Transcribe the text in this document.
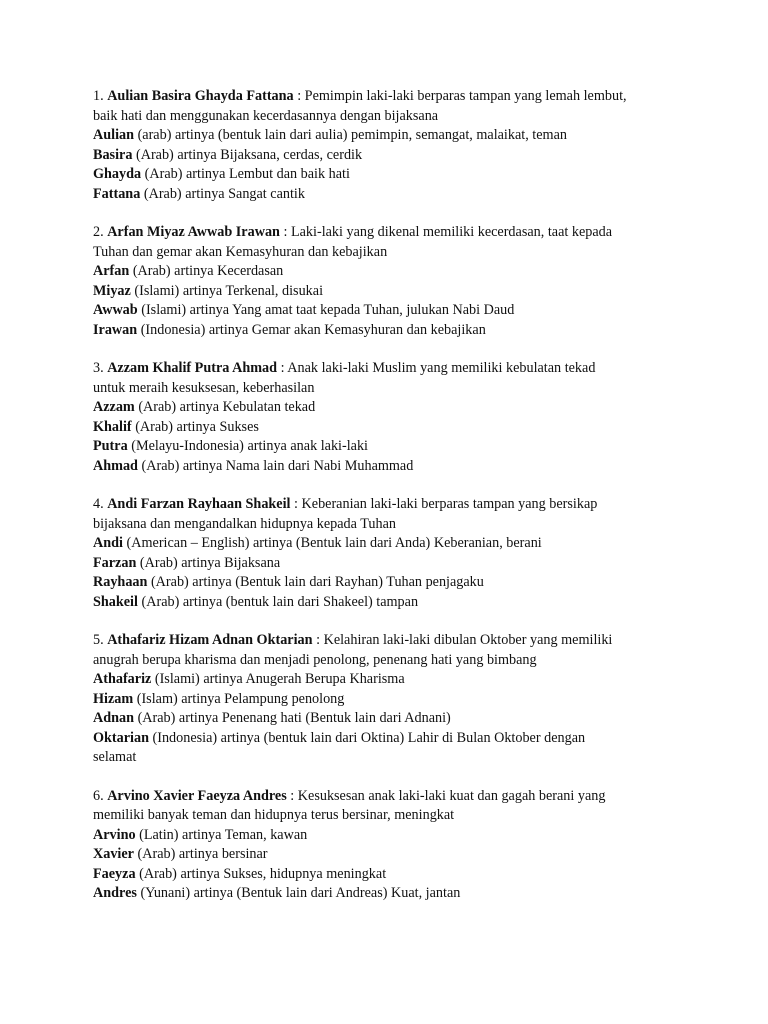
1. Aulian Basira Ghayda Fattana : Pemimpin laki-laki berparas tampan yang lemah lembut,

baik hati dan menggunakan kecerdasannya dengan bijaksana

Aulian (arab) artinya (bentuk lain dari aulia) pemimpin, semangat, malaikat, teman

Basira (Arab) artinya Bijaksana, cerdas, cerdik

Ghayda (Arab) artinya Lembut dan baik hati

Fattana (Arab) artinya Sangat cantik

2. Arfan Miyaz Awwab Irawan : Laki-laki yang dikenal memiliki kecerdasan, taat kepada

Tuhan dan gemar akan Kemasyhuran dan kebajikan

Arfan (Arab) artinya Kecerdasan

Miyaz (Islami) artinya Terkenal, disukai

Awwab (Islami) artinya Yang amat taat kepada Tuhan, julukan Nabi Daud

Irawan (Indonesia) artinya Gemar akan Kemasyhuran dan kebajikan

3. Azzam Khalif Putra Ahmad : Anak laki-laki Muslim yang memiliki kebulatan tekad

untuk meraih kesuksesan, keberhasilan

Azzam (Arab) artinya Kebulatan tekad

Khalif (Arab) artinya Sukses

Putra (Melayu-Indonesia) artinya anak laki-laki

Ahmad (Arab) artinya Nama lain dari Nabi Muhammad

4. Andi Farzan Rayhaan Shakeil : Keberanian laki-laki berparas tampan yang bersikap

bijaksana dan mengandalkan hidupnya kepada Tuhan

Andi (American – English) artinya (Bentuk lain dari Anda) Keberanian, berani

Farzan (Arab) artinya Bijaksana

Rayhaan (Arab) artinya (Bentuk lain dari Rayhan) Tuhan penjagaku

Shakeil (Arab) artinya (bentuk lain dari Shakeel) tampan

5. Athafariz Hizam Adnan Oktarian : Kelahiran laki-laki dibulan Oktober yang memiliki

anugrah berupa kharisma dan menjadi penolong, penenang hati yang bimbang

Athafariz (Islami) artinya Anugerah Berupa Kharisma

Hizam (Islam) artinya Pelampung penolong

Adnan (Arab) artinya Penenang hati (Bentuk lain dari Adnani)

Oktarian (Indonesia) artinya (bentuk lain dari Oktina) Lahir di Bulan Oktober dengan

selamat

6. Arvino Xavier Faeyza Andres : Kesuksesan anak laki-laki kuat dan gagah berani yang

memiliki banyak teman dan hidupnya terus bersinar, meningkat

Arvino (Latin) artinya Teman, kawan

Xavier (Arab) artinya bersinar

Faeyza (Arab) artinya Sukses, hidupnya meningkat

Andres (Yunani) artinya (Bentuk lain dari Andreas) Kuat, jantan
